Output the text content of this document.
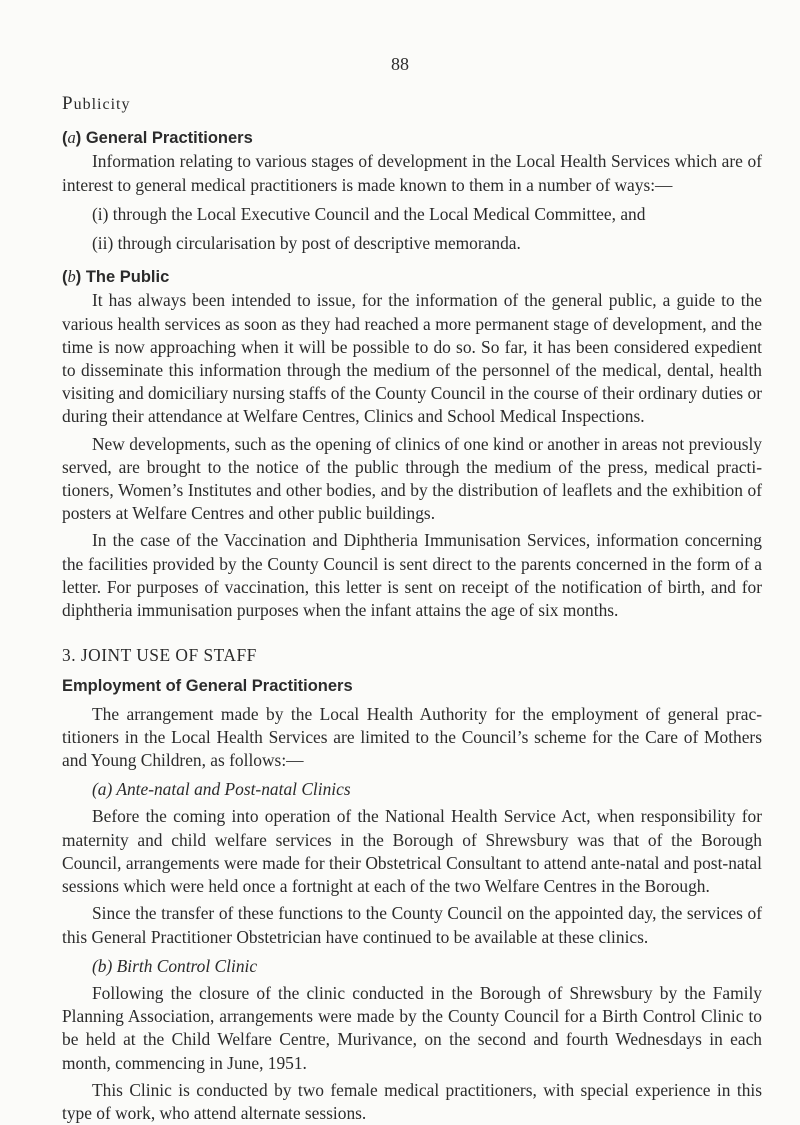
88

Publicity

(a) General Practitioners

Information relating to various stages of development in the Local Health Services which are of interest to general medical practitioners is made known to them in a number of ways:—

(i) through the Local Executive Council and the Local Medical Committee, and

(ii) through circularisation by post of descriptive memoranda.

(b) The Public

It has always been intended to issue, for the information of the general public, a guide to the various health services as soon as they had reached a more permanent stage of development, and the time is now approaching when it will be possible to do so. So far, it has been considered expedient to disseminate this information through the medium of the personnel of the medical, dental, health visiting and domiciliary nursing staffs of the County Council in the course of their ordinary duties or during their attendance at Welfare Centres, Clinics and School Medical Inspections.

New developments, such as the opening of clinics of one kind or another in areas not previously served, are brought to the notice of the public through the medium of the press, medical practi-tioners, Women’s Institutes and other bodies, and by the distribution of leaflets and the exhibition of posters at Welfare Centres and other public buildings.

In the case of the Vaccination and Diphtheria Immunisation Services, information concerning the facilities provided by the County Council is sent direct to the parents concerned in the form of a letter. For purposes of vaccination, this letter is sent on receipt of the notification of birth, and for diphtheria immunisation purposes when the infant attains the age of six months.

3. JOINT USE OF STAFF

Employment of General Practitioners

The arrangement made by the Local Health Authority for the employment of general prac-titioners in the Local Health Services are limited to the Council’s scheme for the Care of Mothers and Young Children, as follows:—

(a) Ante-natal and Post-natal Clinics

Before the coming into operation of the National Health Service Act, when responsibility for maternity and child welfare services in the Borough of Shrewsbury was that of the Borough Council, arrangements were made for their Obstetrical Consultant to attend ante-natal and post-natal sessions which were held once a fortnight at each of the two Welfare Centres in the Borough.

Since the transfer of these functions to the County Council on the appointed day, the services of this General Practitioner Obstetrician have continued to be available at these clinics.

(b) Birth Control Clinic

Following the closure of the clinic conducted in the Borough of Shrewsbury by the Family Planning Association, arrangements were made by the County Council for a Birth Control Clinic to be held at the Child Welfare Centre, Murivance, on the second and fourth Wednesdays in each month, commencing in June, 1951.

This Clinic is conducted by two female medical practitioners, with special experience in this type of work, who attend alternate sessions.
